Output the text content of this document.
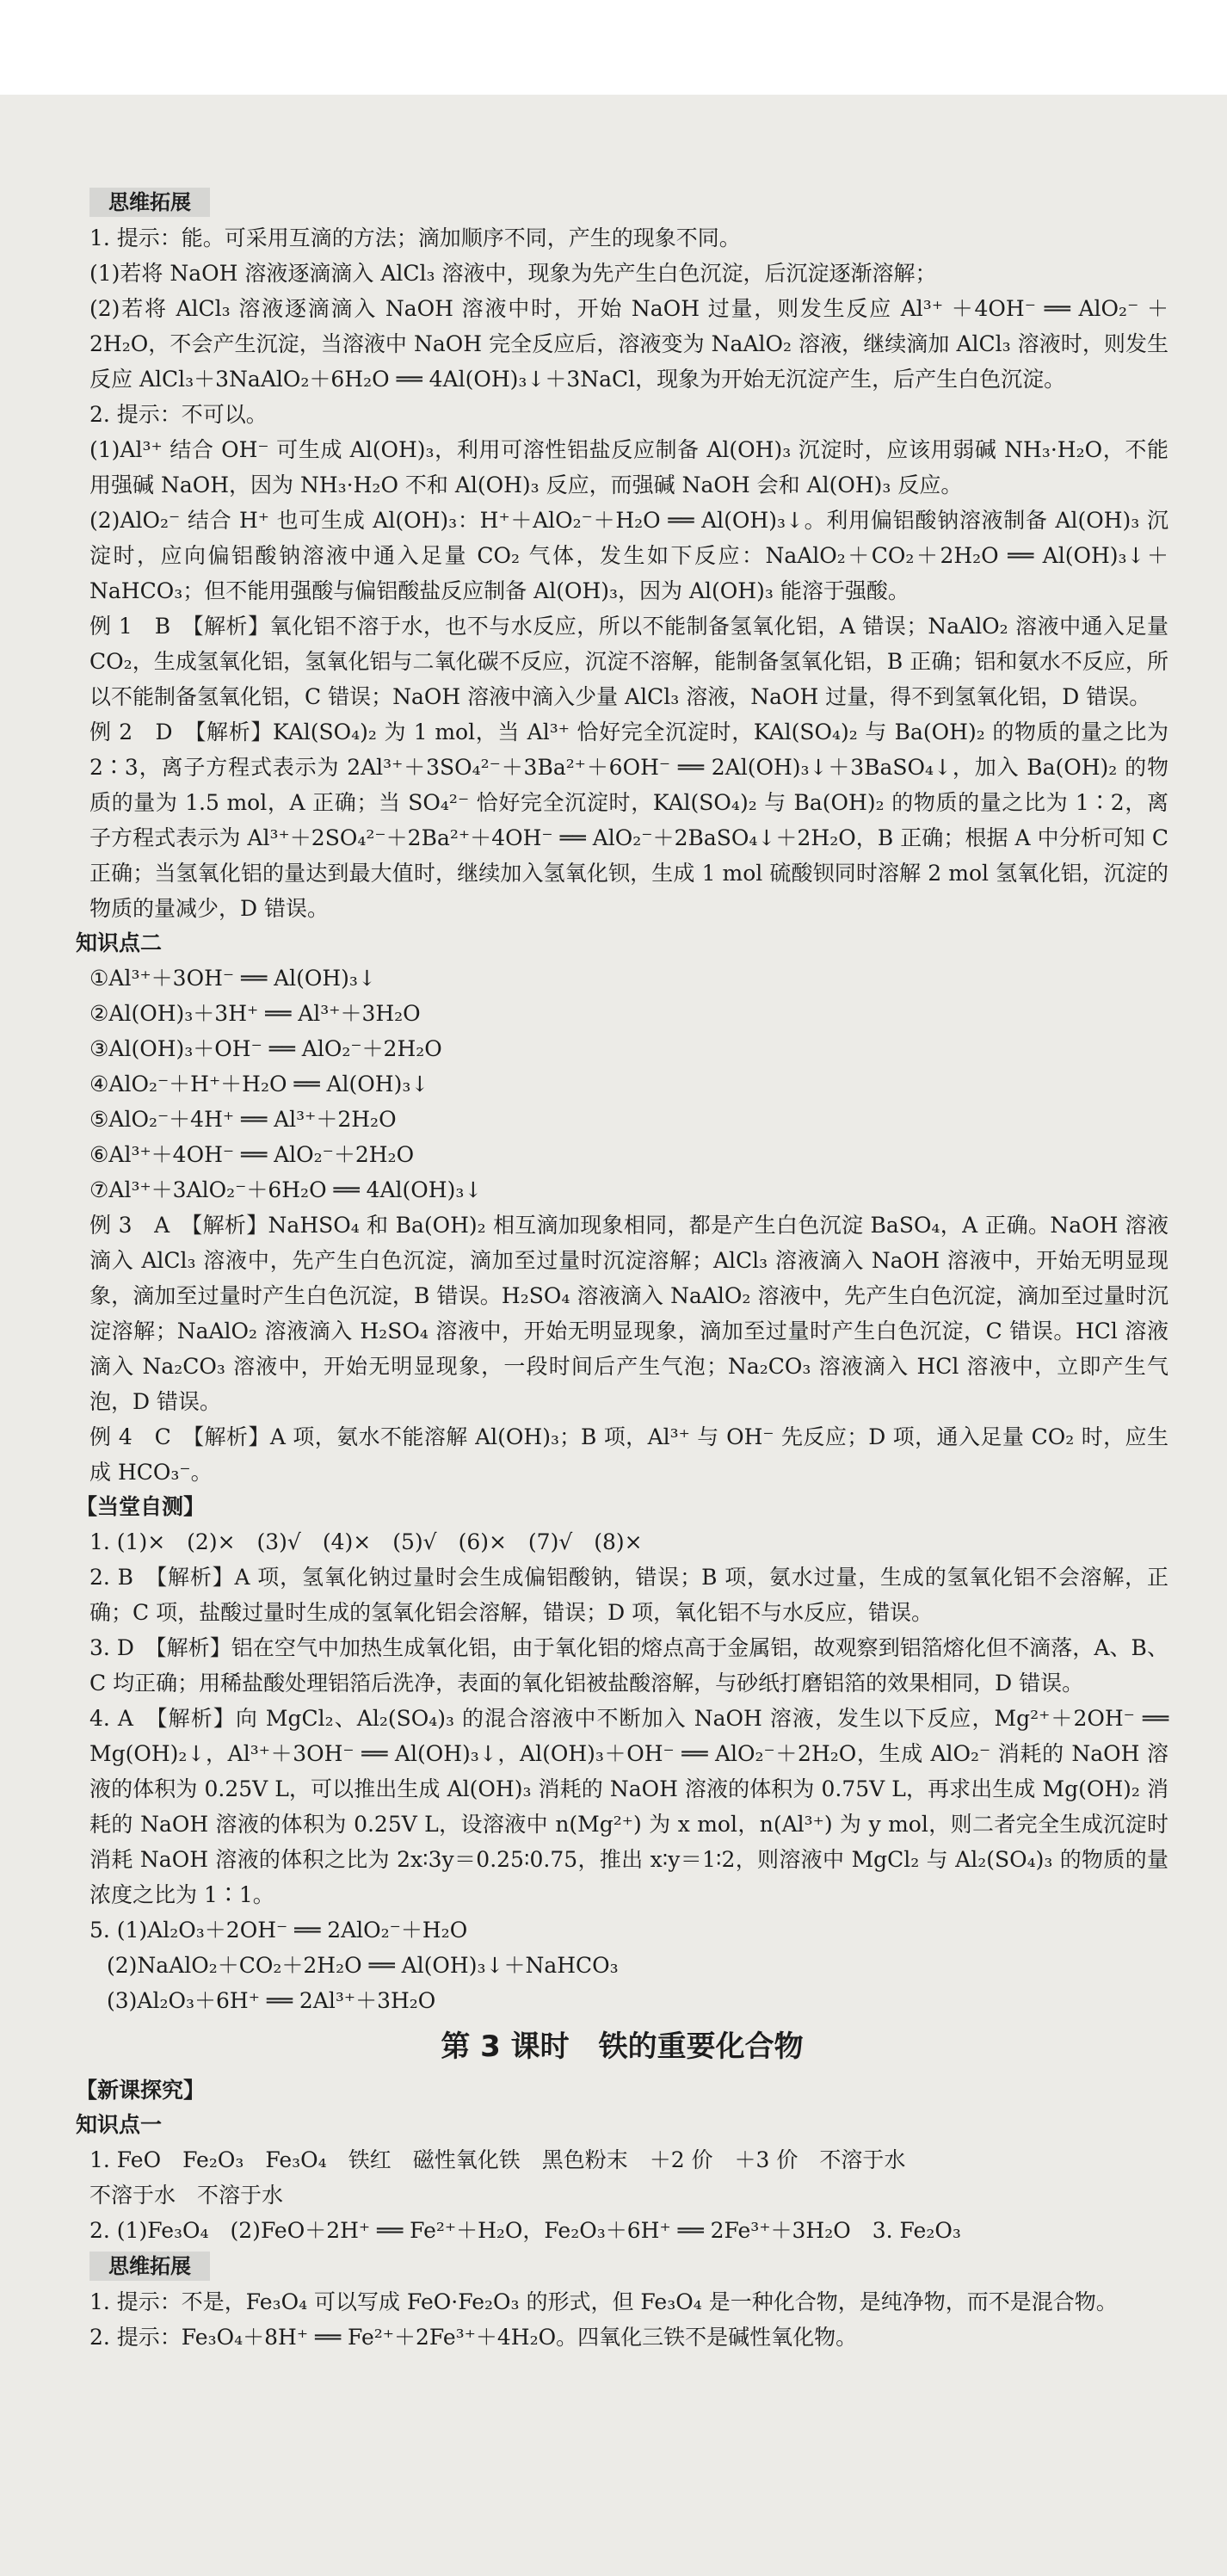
思维拓展

1. 提示：能。可采用互滴的方法；滴加顺序不同，产生的现象不同。

(1)若将 NaOH 溶液逐滴滴入 AlCl₃ 溶液中，现象为先产生白色沉淀，后沉淀逐渐溶解；

(2)若将 AlCl₃ 溶液逐滴滴入 NaOH 溶液中时，开始 NaOH 过量，则发生反应 Al³⁺ ＋4OH⁻ ══ AlO₂⁻ ＋2H₂O，不会产生沉淀，当溶液中 NaOH 完全反应后，溶液变为 NaAlO₂ 溶液，继续滴加 AlCl₃ 溶液时，则发生反应 AlCl₃＋3NaAlO₂＋6H₂O ══ 4Al(OH)₃↓＋3NaCl，现象为开始无沉淀产生，后产生白色沉淀。

2. 提示：不可以。

(1)Al³⁺ 结合 OH⁻ 可生成 Al(OH)₃，利用可溶性铝盐反应制备 Al(OH)₃ 沉淀时，应该用弱碱 NH₃·H₂O，不能用强碱 NaOH，因为 NH₃·H₂O 不和 Al(OH)₃ 反应，而强碱 NaOH 会和 Al(OH)₃ 反应。

(2)AlO₂⁻ 结合 H⁺ 也可生成 Al(OH)₃：H⁺＋AlO₂⁻＋H₂O ══ Al(OH)₃↓。利用偏铝酸钠溶液制备 Al(OH)₃ 沉淀时，应向偏铝酸钠溶液中通入足量 CO₂ 气体，发生如下反应：NaAlO₂＋CO₂＋2H₂O ══ Al(OH)₃↓＋NaHCO₃；但不能用强酸与偏铝酸盐反应制备 Al(OH)₃，因为 Al(OH)₃ 能溶于强酸。

例 1　B　【解析】氧化铝不溶于水，也不与水反应，所以不能制备氢氧化铝，A 错误；NaAlO₂ 溶液中通入足量 CO₂，生成氢氧化铝，氢氧化铝与二氧化碳不反应，沉淀不溶解，能制备氢氧化铝，B 正确；铝和氨水不反应，所以不能制备氢氧化铝，C 错误；NaOH 溶液中滴入少量 AlCl₃ 溶液，NaOH 过量，得不到氢氧化铝，D 错误。

例 2　D　【解析】KAl(SO₄)₂ 为 1 mol，当 Al³⁺ 恰好完全沉淀时，KAl(SO₄)₂ 与 Ba(OH)₂ 的物质的量之比为 2∶3，离子方程式表示为 2Al³⁺＋3SO₄²⁻＋3Ba²⁺＋6OH⁻ ══ 2Al(OH)₃↓＋3BaSO₄↓，加入 Ba(OH)₂ 的物质的量为 1.5 mol，A 正确；当 SO₄²⁻ 恰好完全沉淀时，KAl(SO₄)₂ 与 Ba(OH)₂ 的物质的量之比为 1∶2，离子方程式表示为 Al³⁺＋2SO₄²⁻＋2Ba²⁺＋4OH⁻ ══ AlO₂⁻＋2BaSO₄↓＋2H₂O，B 正确；根据 A 中分析可知 C 正确；当氢氧化铝的量达到最大值时，继续加入氢氧化钡，生成 1 mol 硫酸钡同时溶解 2 mol 氢氧化铝，沉淀的物质的量减少，D 错误。

知识点二

①Al³⁺＋3OH⁻ ══ Al(OH)₃↓

②Al(OH)₃＋3H⁺ ══ Al³⁺＋3H₂O

③Al(OH)₃＋OH⁻ ══ AlO₂⁻＋2H₂O

④AlO₂⁻＋H⁺＋H₂O ══ Al(OH)₃↓

⑤AlO₂⁻＋4H⁺ ══ Al³⁺＋2H₂O

⑥Al³⁺＋4OH⁻ ══ AlO₂⁻＋2H₂O

⑦Al³⁺＋3AlO₂⁻＋6H₂O ══ 4Al(OH)₃↓

例 3　A　【解析】NaHSO₄ 和 Ba(OH)₂ 相互滴加现象相同，都是产生白色沉淀 BaSO₄，A 正确。NaOH 溶液滴入 AlCl₃ 溶液中，先产生白色沉淀，滴加至过量时沉淀溶解；AlCl₃ 溶液滴入 NaOH 溶液中，开始无明显现象，滴加至过量时产生白色沉淀，B 错误。H₂SO₄ 溶液滴入 NaAlO₂ 溶液中，先产生白色沉淀，滴加至过量时沉淀溶解；NaAlO₂ 溶液滴入 H₂SO₄ 溶液中，开始无明显现象，滴加至过量时产生白色沉淀，C 错误。HCl 溶液滴入 Na₂CO₃ 溶液中，开始无明显现象，一段时间后产生气泡；Na₂CO₃ 溶液滴入 HCl 溶液中，立即产生气泡，D 错误。

例 4　C　【解析】A 项，氨水不能溶解 Al(OH)₃；B 项，Al³⁺ 与 OH⁻ 先反应；D 项，通入足量 CO₂ 时，应生成 HCO₃⁻。

【当堂自测】

1. (1)×　(2)×　(3)√　(4)×　(5)√　(6)×　(7)√　(8)×

2. B　【解析】A 项，氢氧化钠过量时会生成偏铝酸钠，错误；B 项，氨水过量，生成的氢氧化铝不会溶解，正确；C 项，盐酸过量时生成的氢氧化铝会溶解，错误；D 项，氧化铝不与水反应，错误。

3. D　【解析】铝在空气中加热生成氧化铝，由于氧化铝的熔点高于金属铝，故观察到铝箔熔化但不滴落，A、B、C 均正确；用稀盐酸处理铝箔后洗净，表面的氧化铝被盐酸溶解，与砂纸打磨铝箔的效果相同，D 错误。

4. A　【解析】向 MgCl₂、Al₂(SO₄)₃ 的混合溶液中不断加入 NaOH 溶液，发生以下反应，Mg²⁺＋2OH⁻ ══ Mg(OH)₂↓，Al³⁺＋3OH⁻ ══ Al(OH)₃↓，Al(OH)₃＋OH⁻ ══ AlO₂⁻＋2H₂O，生成 AlO₂⁻ 消耗的 NaOH 溶液的体积为 0.25V L，可以推出生成 Al(OH)₃ 消耗的 NaOH 溶液的体积为 0.75V L，再求出生成 Mg(OH)₂ 消耗的 NaOH 溶液的体积为 0.25V L，设溶液中 n(Mg²⁺) 为 x mol，n(Al³⁺) 为 y mol，则二者完全生成沉淀时消耗 NaOH 溶液的体积之比为 2x∶3y＝0.25∶0.75，推出 x∶y＝1∶2，则溶液中 MgCl₂ 与 Al₂(SO₄)₃ 的物质的量浓度之比为 1∶1。

5. (1)Al₂O₃＋2OH⁻ ══ 2AlO₂⁻＋H₂O

(2)NaAlO₂＋CO₂＋2H₂O ══ Al(OH)₃↓＋NaHCO₃

(3)Al₂O₃＋6H⁺ ══ 2Al³⁺＋3H₂O

第 3 课时　铁的重要化合物

【新课探究】

知识点一

1. FeO　Fe₂O₃　Fe₃O₄　铁红　磁性氧化铁　黑色粉末　＋2 价　＋3 价　不溶于水

不溶于水　不溶于水

2. (1)Fe₃O₄　(2)FeO＋2H⁺ ══ Fe²⁺＋H₂O，Fe₂O₃＋6H⁺ ══ 2Fe³⁺＋3H₂O　3. Fe₂O₃

思维拓展

1. 提示：不是，Fe₃O₄ 可以写成 FeO·Fe₂O₃ 的形式，但 Fe₃O₄ 是一种化合物，是纯净物，而不是混合物。

2. 提示：Fe₃O₄＋8H⁺ ══ Fe²⁺＋2Fe³⁺＋4H₂O。四氧化三铁不是碱性氧化物。
